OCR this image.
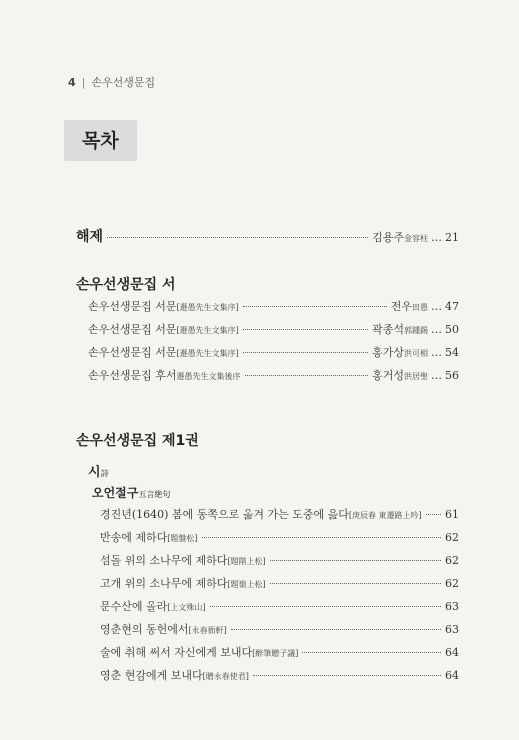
4 | 손우선생문집
목차
해제	김용주 金容柱 … 21
손우선생문집 서
손우선생문집 서문 [遯愚先生文集序]	전우 田愚 … 47
손우선생문집 서문 [遯愚先生文集序]	곽종석 郭鍾錫 … 50
손우선생문집 서문 [遯愚先生文集序]	홍가상 洪可相 … 54
손우선생문집 후서 遯愚先生文集後序	홍거성 洪居聖 … 56
손우선생문집 제1권
시詩
오언절구五言絶句
경진년(1640) 봄에 동쪽으로 옮겨 가는 도중에 읊다 [庚辰春 東遷路上吟] 61
반송에 제하다 [題盤松]	62
섬돌 위의 소나무에 제하다 [題階上松]	62
고개 위의 소나무에 제하다 [題嶺上松]	62
문수산에 올라 [上文殊山]	63
영춘현의 동헌에서 [永春衙軒]	63
술에 취해 써서 자신에게 보내다 [醉筆贈子議]	64
영춘 현감에게 보내다 [贈永春使君]	64
